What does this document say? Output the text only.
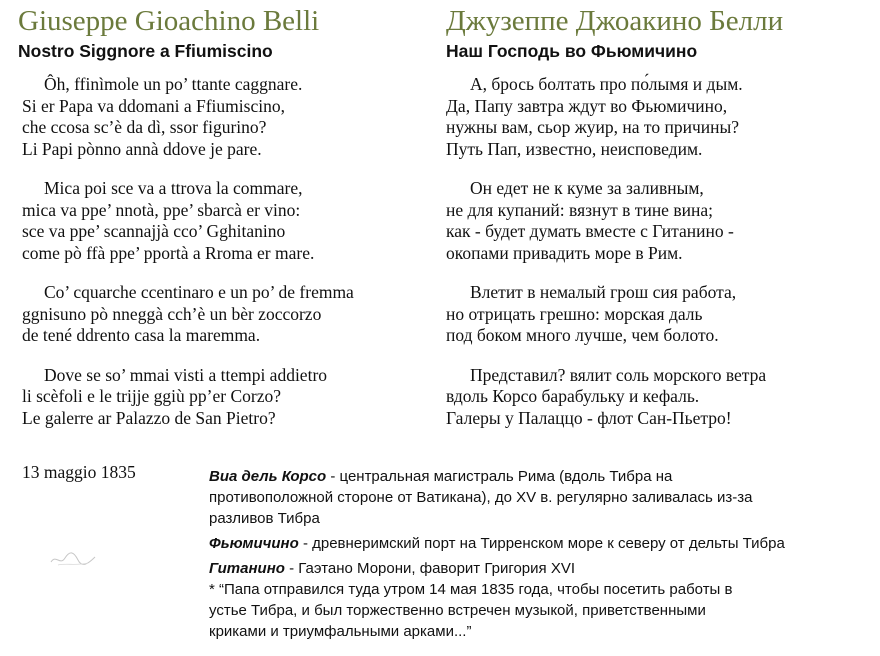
Giuseppe Gioachino Belli
Nostro Siggnore a Ffiumiscino
Ôh, ffinìmole un po’ ttante caggnare.
Si er Papa va ddomani a Ffiumiscino,
che ccosa sc’è da dì, ssor figurino?
Li Papi pònno annà ddove je pare.
Mica poi sce va a ttrova la commare,
mica va ppe’ nnotà, ppe’ sbarcà er vino:
sce va ppe’ scannajjà cco’ Gghitanino
come pò ffà ppe’ pportà a Rroma er mare.
Co’ cquarche ccentinaro e un po’ de fremma
ggnisuno pò nneggà cch’è un bèr zoccorzo
de tené ddrento casa la maremma.
Dove se so’ mmai visti a ttempi addietro
li scèfoli e le trijje ggiù pp’er Corzo?
Le galerre ar Palazzo de San Pietro?
Джузеппе Джоакино Белли
Наш Господь во Фьюмичино
А, брось болтать про по́лымя и дым.
Да, Папу завтра ждут во Фьюмичино,
нужны вам, сьор жуир, на то причины?
Путь Пап, известно, неисповедим.
Он едет не к куме за заливным,
не для купаний: вязнут в тине вина;
как - будет думать вместе с Гитанино -
окопами привадить море в Рим.
Влетит в немалый грош сия работа,
но отрицать грешно: морская даль
под боком много лучше, чем болото.
Представил? вялит соль морского ветра
вдоль Корсо барабульку и кефаль.
Галеры у Палаццо - флот Сан-Пьетро!
13 maggio 1835	Виа дель Корсо - центральная магистраль Рима (вдоль Тибра на
противоположной стороне от Ватикана), до XV в. регулярно заливалась из-за
разливов Тибра
Фьюмичино - древнеримский порт на Тирренском море к северу от дельты Тибра
Гитанино - Гаэтано Морони, фаворит Григория XVI
* “Папа отправился туда утром 14 мая 1835 года, чтобы посетить работы в
устье Тибра, и был торжественно встречен музыкой, приветственными
криками и триумфальными арками...”
